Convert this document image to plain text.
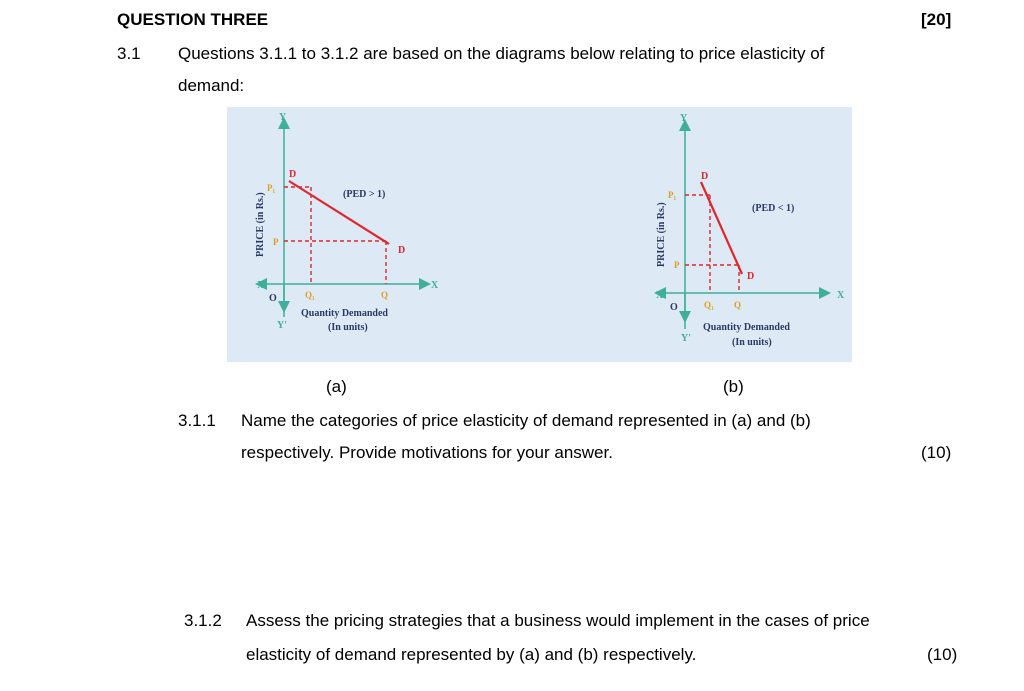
QUESTION THREE	[20]
3.1 Questions 3.1.1 to 3.1.2 are based on the diagrams below relating to price elasticity of
demand:
PRICE (in Rs.)
Y
Y'
X
X'
O
P₁
P
D
D
Q₁	Q
(PED > 1)
Quantity Demanded
(In units)
PRICE (in Rs.)
Y
Y'
X
X'
O
P₁
P
D
D
Q₁ Q
(PED < 1)
Quantity Demanded
(In units)
(a)	(b)
3.1.1 Name the categories of price elasticity of demand represented in (a) and (b)
respectively. Provide motivations for your answer.	(10)
3.1.2 Assess the pricing strategies that a business would implement in the cases of price
elasticity of demand represented by (a) and (b) respectively.	(10)
